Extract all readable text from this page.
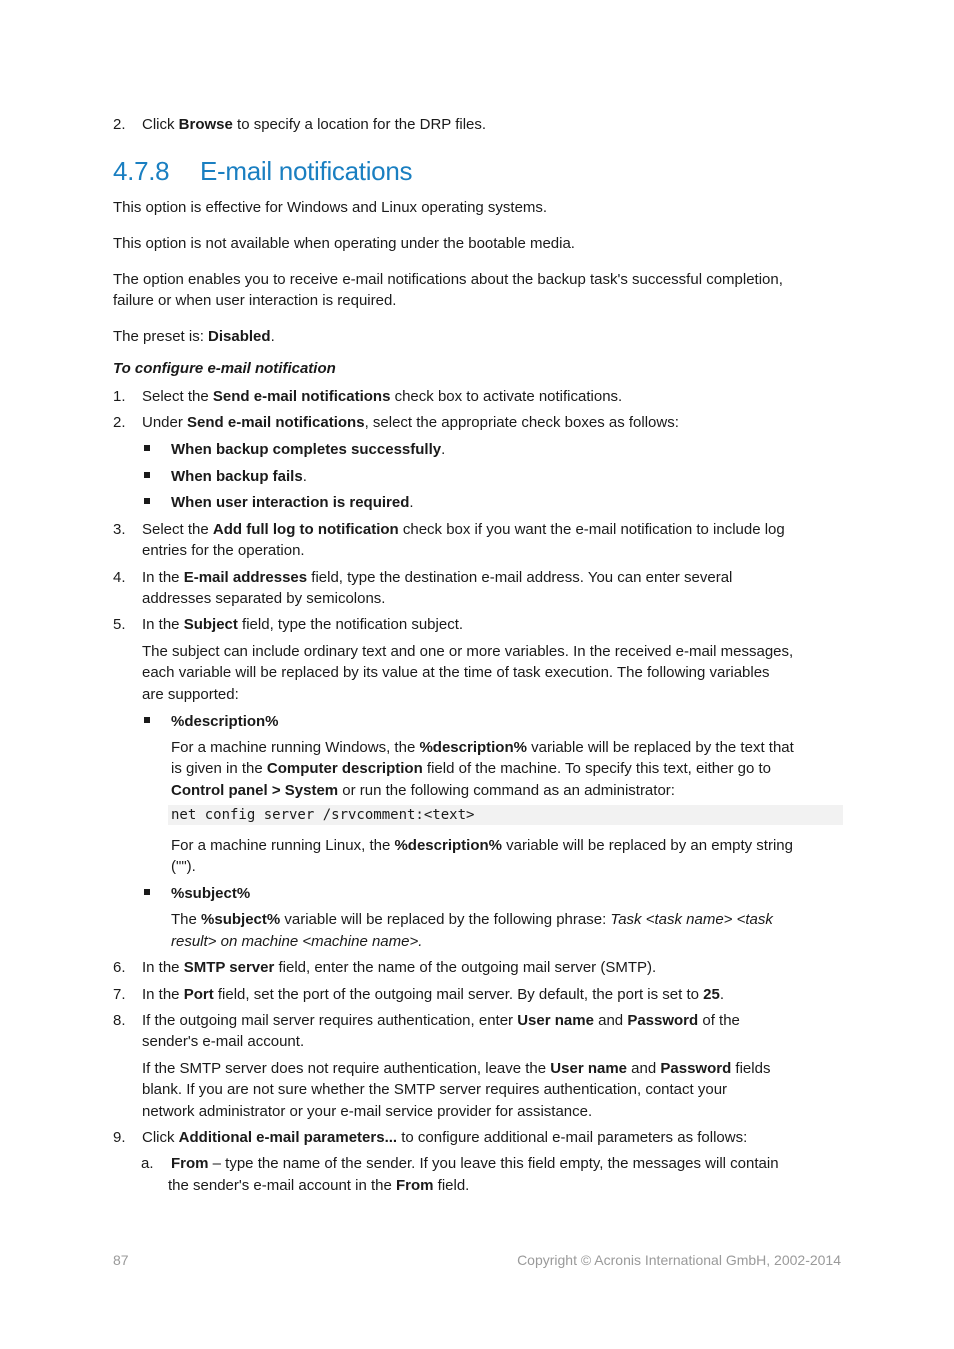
2. Click Browse to specify a location for the DRP files.
4.7.8 E-mail notifications
This option is effective for Windows and Linux operating systems.
This option is not available when operating under the bootable media.
The option enables you to receive e-mail notifications about the backup task's successful completion,
failure or when user interaction is required.
The preset is: Disabled.
To configure e-mail notification
1. Select the Send e-mail notifications check box to activate notifications.
2. Under Send e-mail notifications, select the appropriate check boxes as follows:
When backup completes successfully.
When backup fails.
When user interaction is required.
3. Select the Add full log to notification check box if you want the e-mail notification to include log
entries for the operation.
4. In the E-mail addresses field, type the destination e-mail address. You can enter several
addresses separated by semicolons.
5. In the Subject field, type the notification subject.
The subject can include ordinary text and one or more variables. In the received e-mail messages,
each variable will be replaced by its value at the time of task execution. The following variables
are supported:
%description%
For a machine running Windows, the %description% variable will be replaced by the text that
is given in the Computer description field of the machine. To specify this text, either go to
Control panel > System or run the following command as an administrator:
net config server /srvcomment:<text>
For a machine running Linux, the %description% variable will be replaced by an empty string
("").
%subject%
The %subject% variable will be replaced by the following phrase: Task <task name> <task
result> on machine <machine name>.
6. In the SMTP server field, enter the name of the outgoing mail server (SMTP).
7. In the Port field, set the port of the outgoing mail server. By default, the port is set to 25.
8. If the outgoing mail server requires authentication, enter User name and Password of the
sender's e-mail account.
If the SMTP server does not require authentication, leave the User name and Password fields
blank. If you are not sure whether the SMTP server requires authentication, contact your
network administrator or your e-mail service provider for assistance.
9. Click Additional e-mail parameters... to configure additional e-mail parameters as follows:
a. From – type the name of the sender. If you leave this field empty, the messages will contain
the sender's e-mail account in the From field.
87	Copyright © Acronis International GmbH, 2002-2014
